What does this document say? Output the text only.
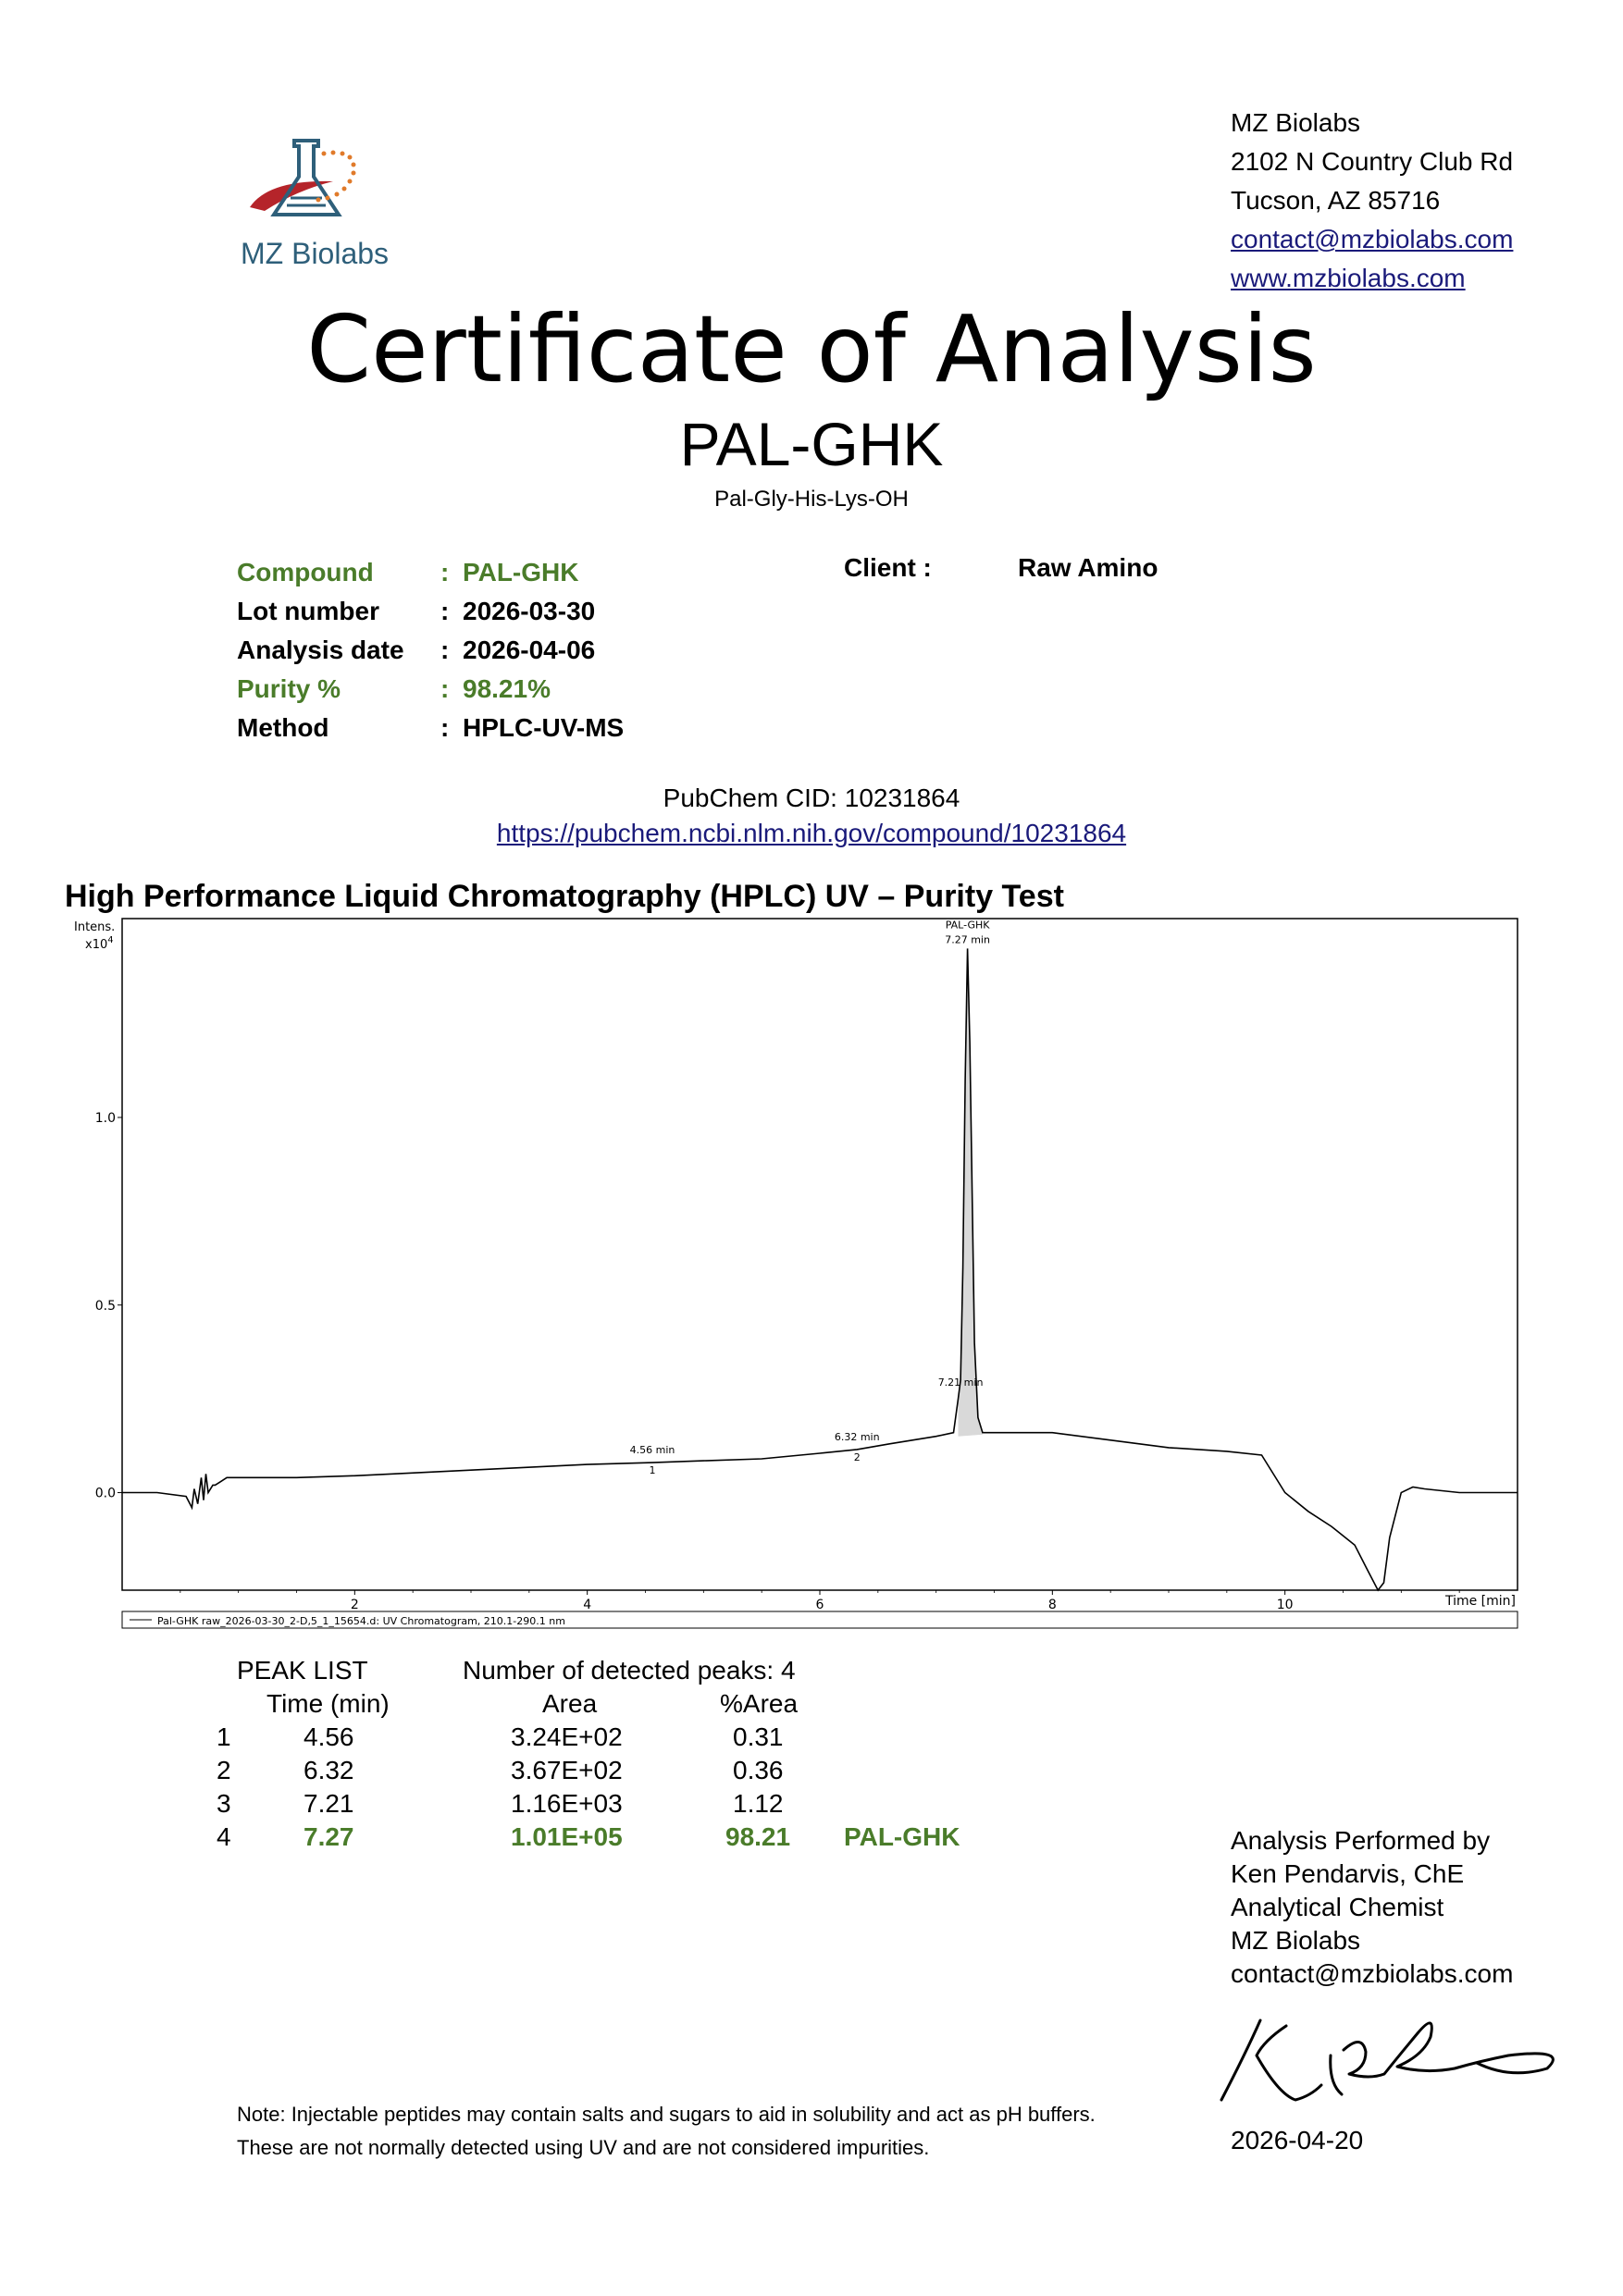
MZ Biolabs
MZ Biolabs
2102 N Country Club Rd
Tucson, AZ 85716
contact@mzbiolabs.com
www.mzbiolabs.com
Certificate of Analysis
PAL-GHK
Pal-Gly-His-Lys-OH
Compound	: PAL-GHK
Lot number : 2026-03-30
Analysis date : 2026-04-06
Purity %	: 98.21%
Method	: HPLC-UV-MS
Client :	Raw Amino
PubChem CID: 10231864
https://pubchem.ncbi.nlm.nih.gov/compound/10231864
High Performance Liquid Chromatography (HPLC) UV – Purity Test
Intens.
$x10^4$
0.0
0.5
1.0
2	4	6	8	10
4.56 min
1
6.32 min
2
7.21 min
PAL-GHK
7.27 min
Time [min]
Pal-GHK raw_2026-03-30_2-D,5_1_15654.d: UV Chromatogram, 210.1-290.1 nm
PEAK LIST	Number of detected peaks: 4
Time (min)	Area	%Area
1	4.56	3.24E+02	0.31
2	6.32	3.67E+02	0.36
3	7.21	1.16E+03	1.12
4	7.27	1.01E+05	98.21 PAL-GHK	Analysis Performed by
Ken Pendarvis, ChE
Analytical Chemist
MZ Biolabs
contact@mzbiolabs.com
Note: Injectable peptides may contain salts and sugars to aid in solubility and act as pH buffers.
These are not normally detected using UV and are not considered impurities.	2026-04-20
